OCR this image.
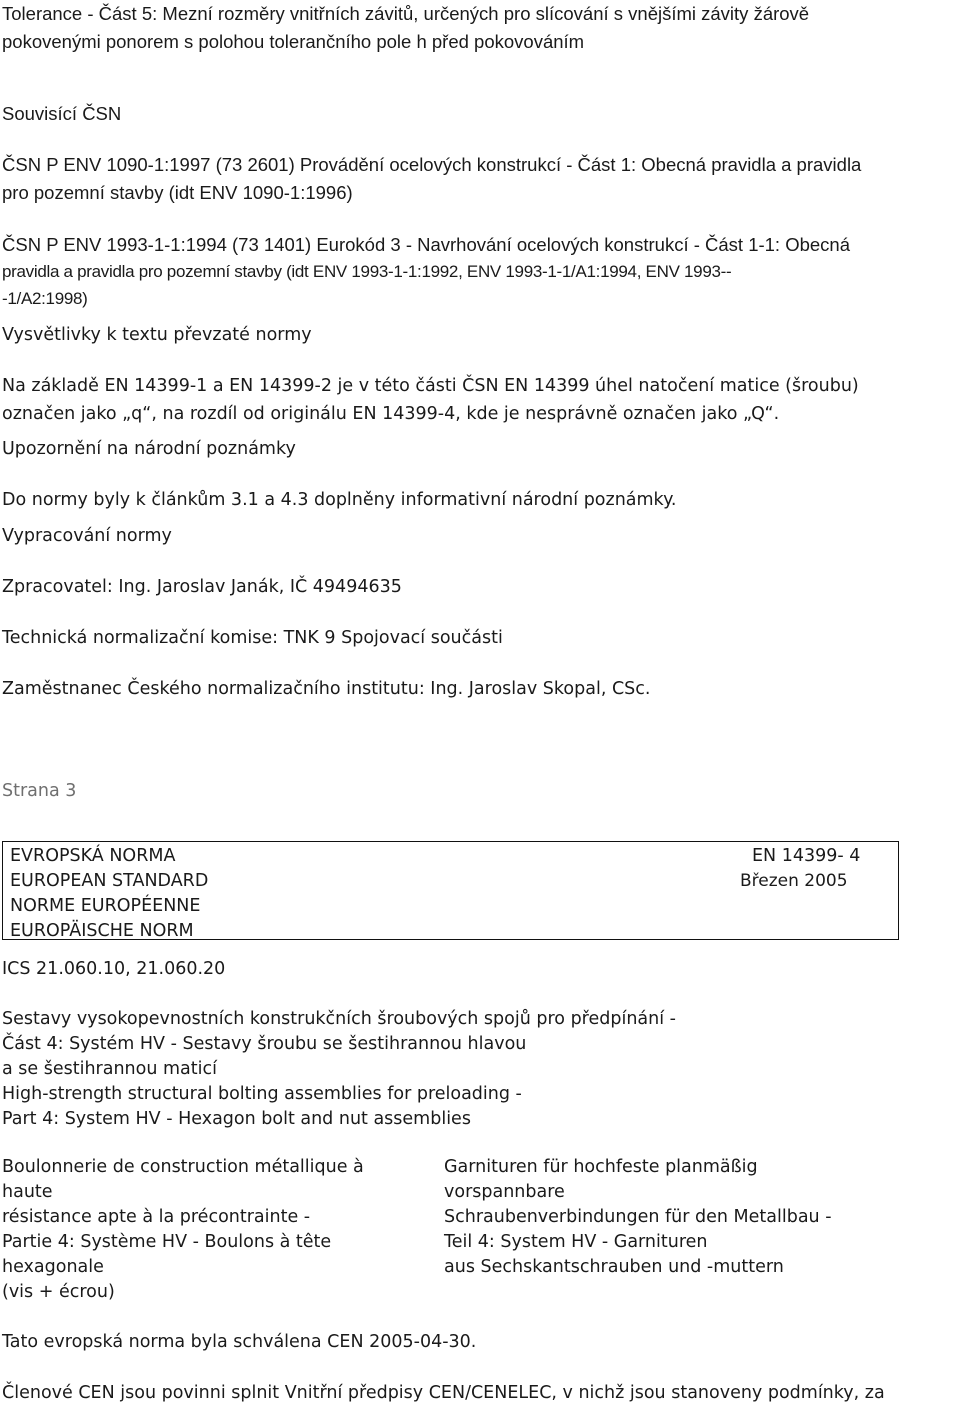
Tolerance - Část 5: Mezní rozměry vnitřních závitů, určených pro slícování s vnějšími závity žárově
pokovenými ponorem s polohou tolerančního pole h před pokovováním
Souvisící ČSN
ČSN P ENV 1090-1:1997 (73 2601) Provádění ocelových konstrukcí - Část 1: Obecná pravidla a pravidla
pro pozemní stavby (idt ENV 1090-1:1996)
ČSN P ENV 1993-1-1:1994 (73 1401) Eurokód 3 - Navrhování ocelových konstrukcí - Část 1-1: Obecná
pravidla a pravidla pro pozemní stavby (idt ENV 1993-1-1:1992, ENV 1993-1-1/A1:1994, ENV 1993--
-1/A2:1998)
Vysvětlivky k textu převzaté normy
Na základě EN 14399-1 a EN 14399-2 je v této části ČSN EN 14399 úhel natočení matice (šroubu)
označen jako „q“, na rozdíl od originálu EN 14399-4, kde je nesprávně označen jako „Q“.
Upozornění na národní poznámky
Do normy byly k článkům 3.1 a 4.3 doplněny informativní národní poznámky.
Vypracování normy
Zpracovatel: Ing. Jaroslav Janák, IČ 49494635
Technická normalizační komise: TNK 9 Spojovací součásti
Zaměstnanec Českého normalizačního institutu: Ing. Jaroslav Skopal, CSc.
Strana 3
EVROPSKÁ NORMA
EUROPEAN STANDARD
NORME EUROPÉENNE
EUROPÄISCHE NORM
EN 14399- 4
Březen 2005
ICS 21.060.10, 21.060.20
Sestavy vysokopevnostních konstrukčních šroubových spojů pro předpínání -
Část 4: Systém HV - Sestavy šroubu se šestihrannou hlavou
a se šestihrannou maticí
High-strength structural bolting assemblies for preloading -
Part 4: System HV - Hexagon bolt and nut assemblies
Boulonnerie de construction métallique à
haute
résistance apte à la précontrainte -
Partie 4: Système HV - Boulons à tête
hexagonale
(vis + écrou)
Garnituren für hochfeste planmäßig
vorspannbare
Schraubenverbindungen für den Metallbau -
Teil 4: System HV - Garnituren
aus Sechskantschrauben und -muttern
Tato evropská norma byla schválena CEN 2005-04-30.
Členové CEN jsou povinni splnit Vnitřní předpisy CEN/CENELEC, v nichž jsou stanoveny podmínky, za
